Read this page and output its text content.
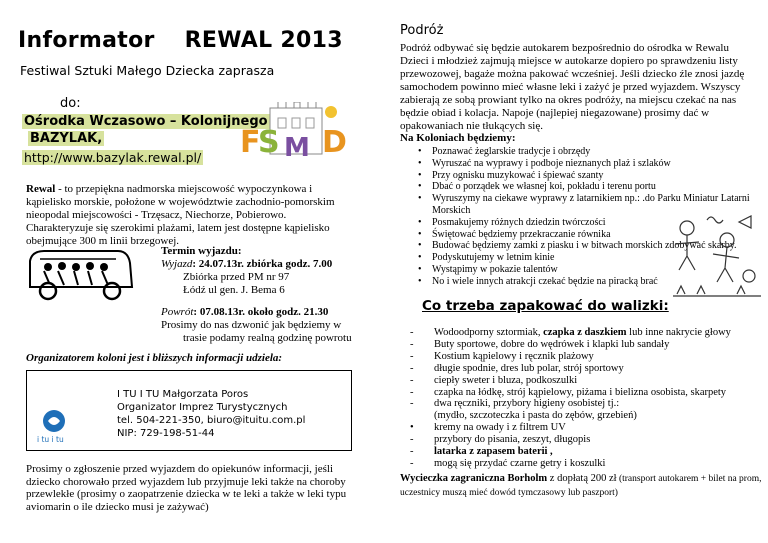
Informator REWAL 2013
Festiwal Sztuki Małego Dziecka zaprasza
do:
Ośrodka Wczasowo – Kolonijnego
BAZYLAK,
http://www.bazylak.rewal.pl/ F
S M D
Rewal - to przepiękna nadmorska miejscowość wypoczynkowa i kąpielisko morskie, położone w województwie zachodnio-pomorskim nieopodal miejscowości - Trzęsacz, Niechorze, Pobierowo. Charakteryzuje się szerokimi plażami, latem jest dostępne kąpielisko obejmujące 300 m linii brzegowej.
Termin wyjazdu:
Wyjazd: 24.07.13r. zbiórka godz. 7.00
Zbiórka przed PM nr 97
Łódź ul gen. J. Bema 6
Powrót: 07.08.13r. około godz. 21.30
Prosimy do nas dzwonić jak będziemy w
trasie podamy realną godzinę powrotu
Organizatorem koloni jest i bliższych informacji udziela:
i tu i tu
I TU I TU Małgorzata Poros
Organizator Imprez Turystycznych
tel. 504-221-350, biuro@ituitu.com.pl
NIP: 729-198-51-44
Prosimy o zgłoszenie przed wyjazdem do opiekunów informacji, jeśli dziecko chorowało przed wyjazdem lub przyjmuje leki także na choroby przewlekłe (prosimy o zaopatrzenie dziecka w te leki a także w leki typu aviomarin o ile dziecko musi je zażywać)
Podróż
Podróż odbywać się będzie autokarem bezpośrednio do ośrodka w Rewalu Dzieci i młodzież zajmują miejsce w autokarze dopiero po sprawdzeniu listy przewozowej, bagaże można pakować wcześniej. Jeśli dziecko źle znosi jazdę samochodem powinno mieć własne leki i zażyć je przed wyjazdem. Wszyscy zabierają ze sobą prowiant tylko na okres podróży, na miejscu czekać na nas będzie obiad i kolacja. Napoje (najlepiej niegazowane) prosimy dać w opakowaniach nie tłukących się.
Na Koloniach będziemy:
• Poznawać żeglarskie tradycje i obrzędy
• Wyruszać na wyprawy i podboje nieznanych plaż i szlaków
• Przy ognisku muzykować i śpiewać szanty
• Dbać o porządek we własnej koi, pokładu i terenu portu
• Wyruszymy na ciekawe wyprawy z latarnikiem np.: .do Parku Miniatur Latarni Morskich
• Posmakujemy różnych dziedzin twórczości
• Świętować będziemy przekraczanie równika
• Budować będziemy zamki z piasku i w bitwach morskich zdobywać skarby.
• Podyskutujemy w letnim kinie
• Wystąpimy w pokazie talentów
• No i wiele innych atrakcji czekać będzie na piracką brać
Co trzeba zapakować do walizki:
- Wodoodporny sztormiak, czapka z daszkiem lub inne nakrycie głowy
- Buty sportowe, dobre do wędrówek i klapki lub sandały
- Kostium kąpielowy i ręcznik plażowy
- długie spodnie, dres lub polar, strój sportowy
- ciepły sweter i bluza, podkoszulki
- czapka na łódkę, strój kąpielowy, piżama i bielizna osobista, skarpety
- dwa ręczniki, przybory higieny osobistej tj.:
(mydło, szczoteczka i pasta do zębów, grzebień)
• kremy na owady i z filtrem UV
- przybory do pisania, zeszyt, długopis
- latarka z zapasem baterii ,
- mogą się przydać czarne getry i koszulki
Wycieczka zagraniczna Borholm z dopłatą 200 zł (transport autokarem + bilet na prom, uczestnicy muszą mieć dowód tymczasowy lub paszport)
